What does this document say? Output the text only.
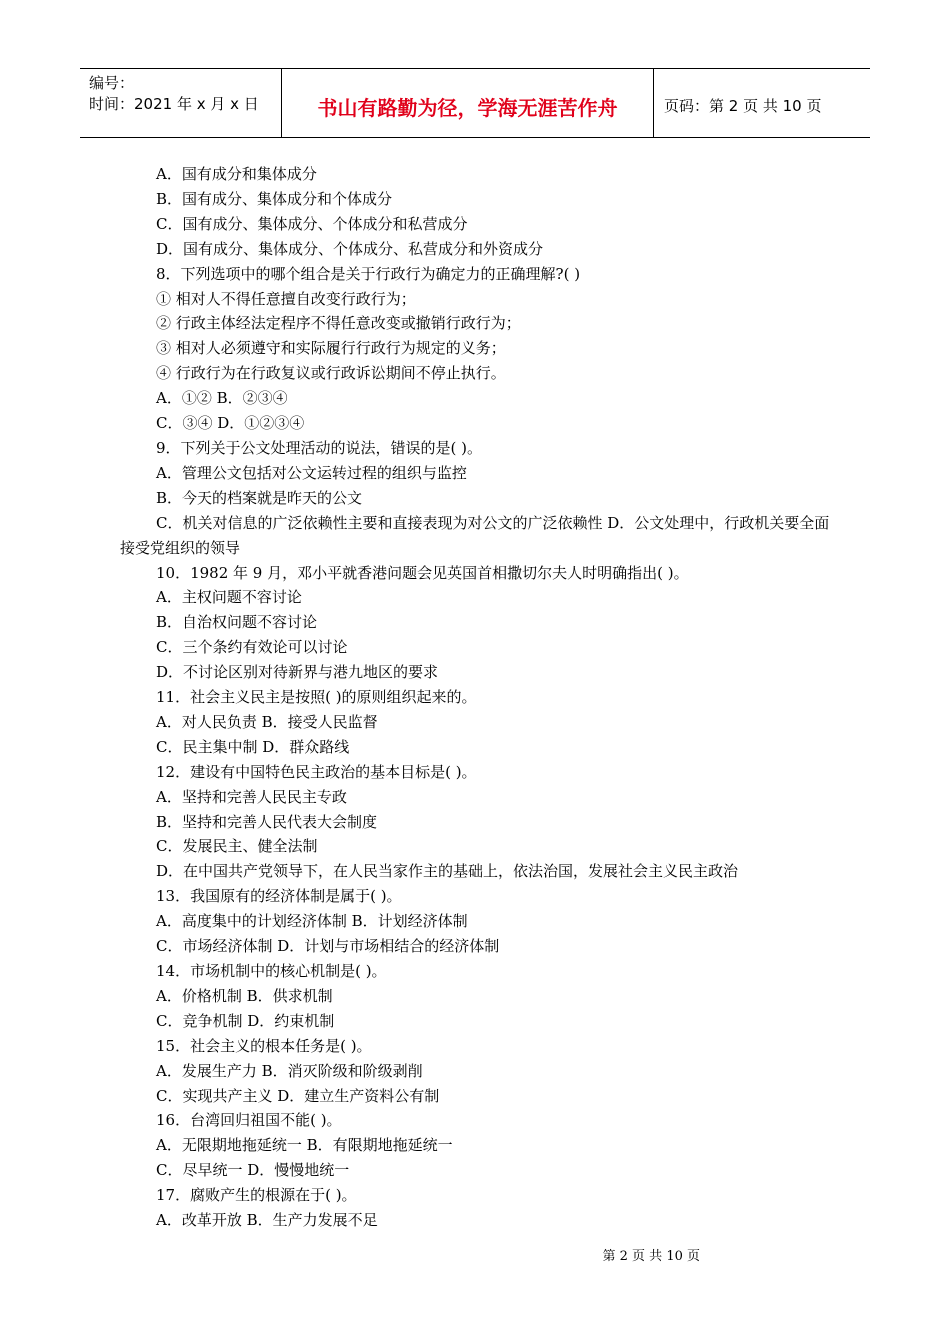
编号：
时间：2021 年 x 月 x 日	书山有路勤为径，学海无涯苦作舟	页码：第 2 页 共 10 页

A．国有成分和集体成分

B．国有成分、集体成分和个体成分

C．国有成分、集体成分、个体成分和私营成分

D．国有成分、集体成分、个体成分、私营成分和外资成分

8．下列选项中的哪个组合是关于行政行为确定力的正确理解?( )

① 相对人不得任意擅自改变行政行为；

② 行政主体经法定程序不得任意改变或撤销行政行为；

③ 相对人必须遵守和实际履行行政行为规定的义务；

④ 行政行为在行政复议或行政诉讼期间不停止执行。

A．①② B．②③④

C．③④ D．①②③④

9．下列关于公文处理活动的说法，错误的是( )。

A．管理公文包括对公文运转过程的组织与监控

B．今天的档案就是昨天的公文

C．机关对信息的广泛依赖性主要和直接表现为对公文的广泛依赖性 D．公文处理中，行政机关要全面接受党组织的领导

10．1982 年 9 月，邓小平就香港问题会见英国首相撒切尔夫人时明确指出( )。

A．主权问题不容讨论

B．自治权问题不容讨论

C．三个条约有效论可以讨论

D．不讨论区别对待新界与港九地区的要求

11．社会主义民主是按照( )的原则组织起来的。

A．对人民负责 B．接受人民监督

C．民主集中制 D．群众路线

12．建设有中国特色民主政治的基本目标是( )。

A．坚持和完善人民民主专政

B．坚持和完善人民代表大会制度

C．发展民主、健全法制

D．在中国共产党领导下，在人民当家作主的基础上，依法治国，发展社会主义民主政治

13．我国原有的经济体制是属于( )。

A．高度集中的计划经济体制 B．计划经济体制

C．市场经济体制 D．计划与市场相结合的经济体制

14．市场机制中的核心机制是( )。

A．价格机制 B．供求机制

C．竞争机制 D．约束机制

15．社会主义的根本任务是( )。

A．发展生产力 B．消灭阶级和阶级剥削

C．实现共产主义 D．建立生产资料公有制

16．台湾回归祖国不能( )。

A．无限期地拖延统一 B．有限期地拖延统一

C．尽早统一 D．慢慢地统一

17．腐败产生的根源在于( )。

A．改革开放 B．生产力发展不足

第 2 页 共 10 页
